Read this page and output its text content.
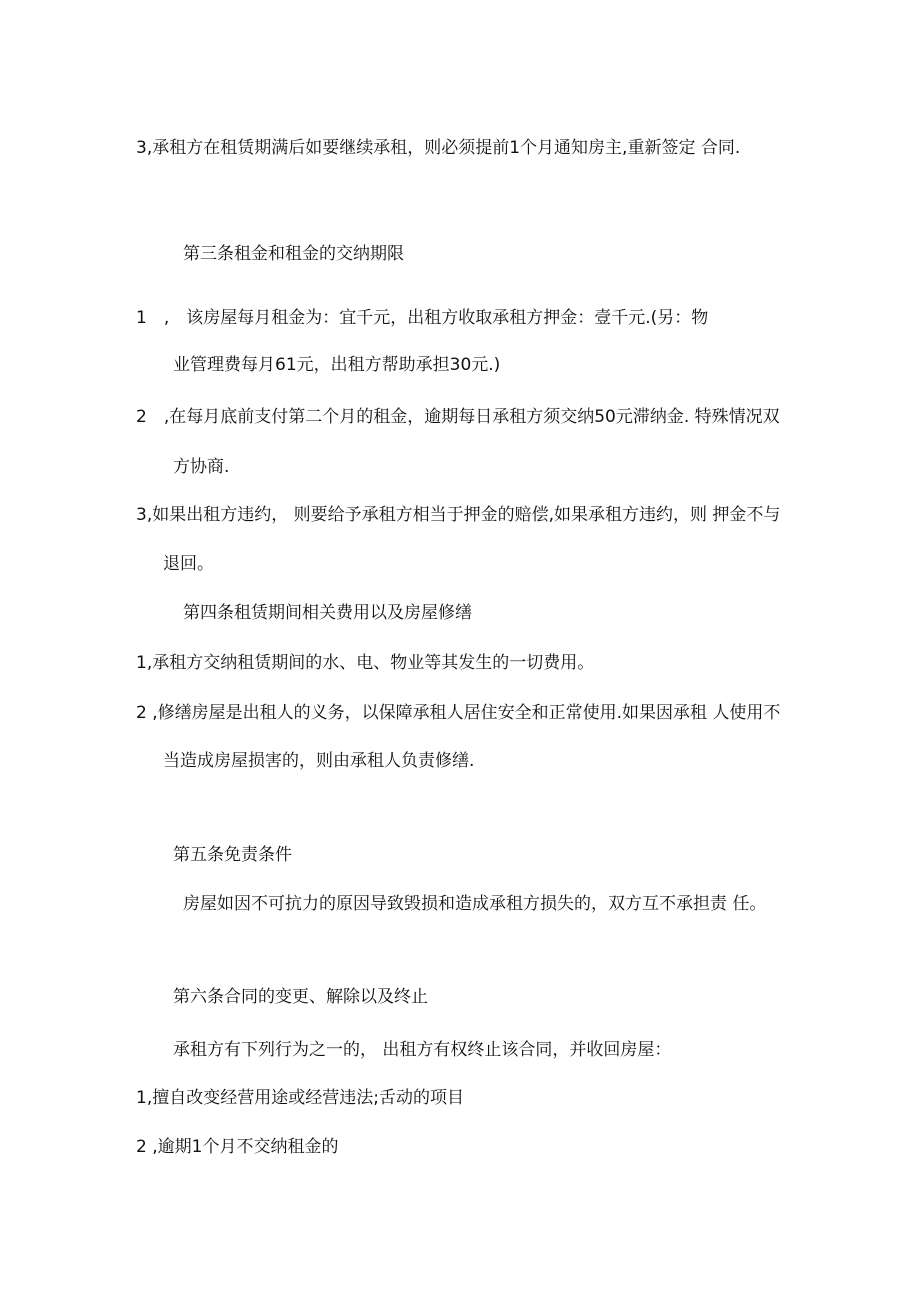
3,承租方在租赁期满后如要继续承租，则必须提前1个月通知房主,重新签定 合同.
第三条租金和租金的交纳期限
1　,　该房屋每月租金为：宜千元，出租方收取承租方押金：壹千元.(另：物
业管理费每月61元，出租方帮助承担30元.)
2　,在每月底前支付第二个月的租金，逾期每日承租方须交纳50元滞纳金. 特殊情况双
方协商.
3,如果出租方违约， 则要给予承租方相当于押金的赔偿,如果承租方违约，则 押金不与
退回。
第四条租赁期间相关费用以及房屋修缮
1,承租方交纳租赁期间的水、电、物业等其发生的一切费用。
2 ,修缮房屋是出租人的义务，以保障承租人居住安全和正常使用.如果因承租 人使用不
当造成房屋损害的，则由承租人负责修缮.
第五条免责条件
房屋如因不可抗力的原因导致毁损和造成承租方损失的，双方互不承担责 任。
第六条合同的变更、解除以及终止
承租方有下列行为之一的， 出租方有权终止该合同，并收回房屋：
1,擅自改变经营用途或经营违法;舌动的项目
2 ,逾期1个月不交纳租金的
